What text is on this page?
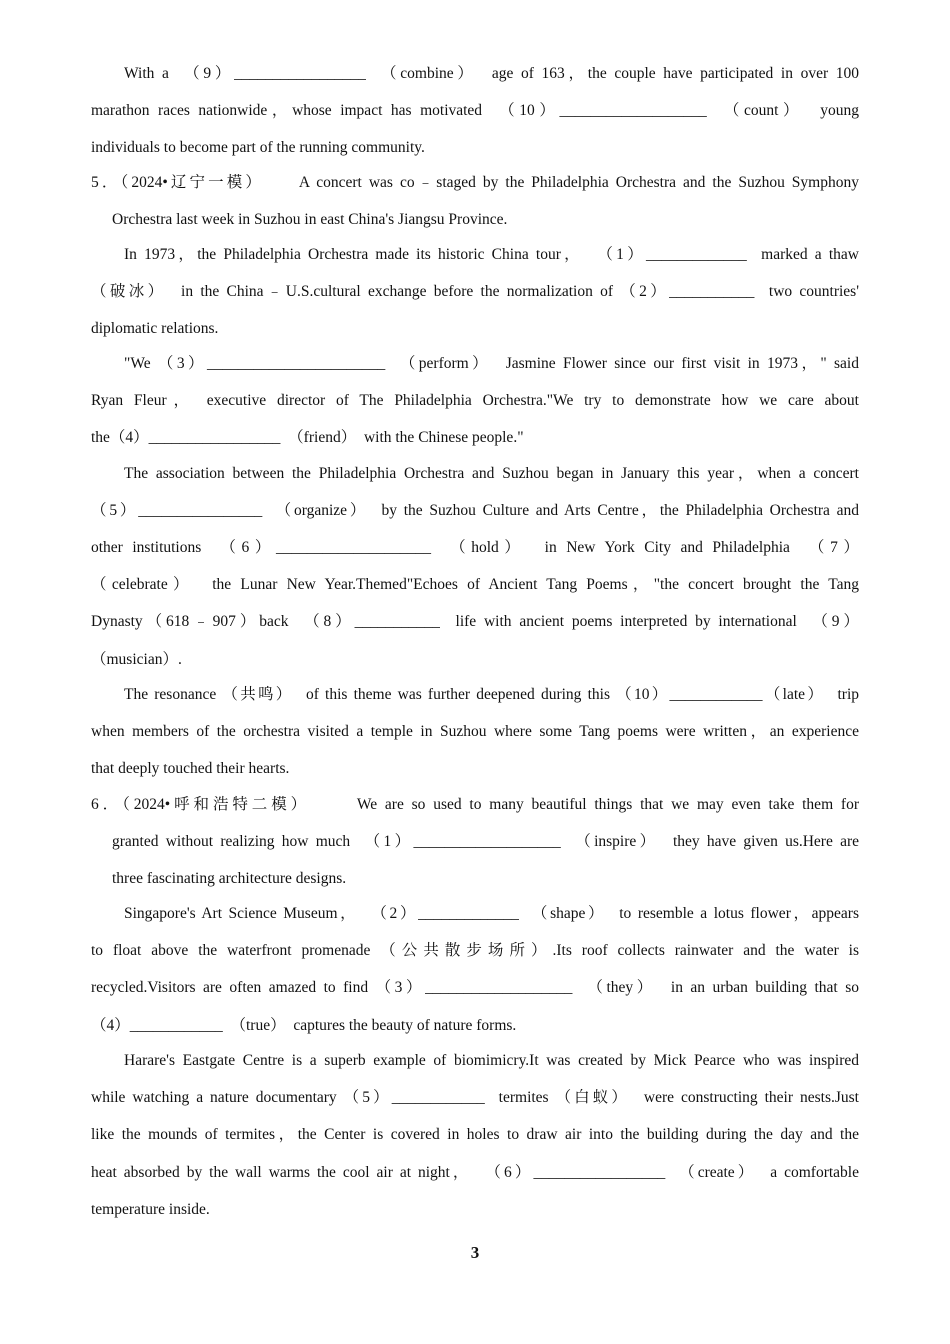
With a  （9）_________________  （combine）  age of 163，the couple have participated in over 100
marathon races nationwide，whose impact has motivated  （10）___________________  （count）  young
individuals to become part of the running community.
5．（2024•辽宁一模）     A concert was co﹣staged by the Philadelphia Orchestra and the Suzhou Symphony
Orchestra last week in Suzhou in east China's Jiangsu Province.
In 1973，the Philadelphia Orchestra made its historic China tour，  （1）_____________  marked a thaw
（破冰）  in the China﹣U.S.cultural exchange before the normalization of （2）___________  two countries'
diplomatic relations.
"We （3）_______________________  （perform）  Jasmine Flower since our first visit in 1973，" said
Ryan Fleur， executive director of The Philadelphia Orchestra."We try to demonstrate how we care about
the（4）_________________  （friend）  with the Chinese people."
The association between the Philadelphia Orchestra and Suzhou began in January this year，when a concert
（5）________________  （organize）  by the Suzhou Culture and Arts Centre，the Philadelphia Orchestra and
other institutions  （6）____________________  （hold）  in New York City and Philadelphia  （7）
（celebrate）  the Lunar New Year.Themed"Echoes of Ancient Tang Poems，"the concert brought the Tang
Dynasty（618﹣907）back  （8）___________  life with ancient poems interpreted by international  （9）
（musician）.
The resonance （共鸣）  of this theme was further deepened during this （10）____________（late）  trip
when members of the orchestra visited a temple in Suzhou where some Tang poems were written，an experience
that deeply touched their hearts.
6．（2024•呼和浩特二模）      We are so used to many beautiful things that we may even take them for
granted without realizing how much  （1）___________________  （inspire）  they have given us.Here are
three fascinating architecture designs.
Singapore's Art Science Museum，  （2）_____________  （shape）  to resemble a lotus flower，appears
to float above the waterfront promenade （公共散步场所）.Its roof collects rainwater and the water is
recycled.Visitors are often amazed to find （3）___________________  （they）  in an urban building that so
（4）____________  （true）  captures the beauty of nature forms.
Harare's Eastgate Centre is a superb example of biomimicry.It was created by Mick Pearce who was inspired
while watching a nature documentary （5）____________  termites （白蚁）  were constructing their nests.Just
like the mounds of termites，the Center is covered in holes to draw air into the building during the day and the
heat absorbed by the wall warms the cool air at night，  （6）_________________  （create）  a comfortable
temperature inside.
3
